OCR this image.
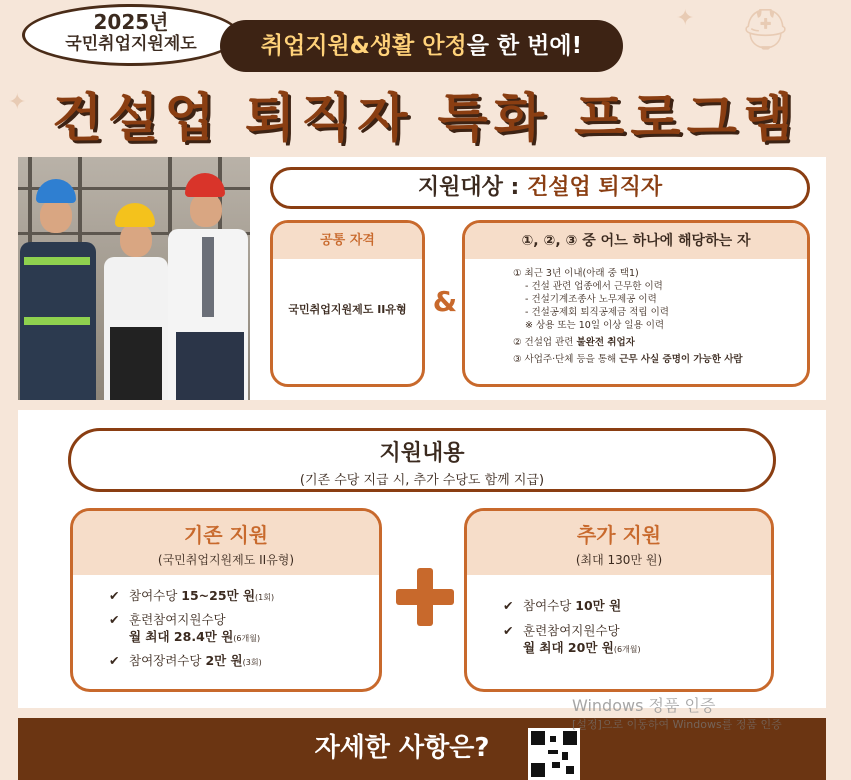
✦ ⛑
✦
2025년
국민취업지원제도	취업지원&생활 안정을 한 번에!
건설업 퇴직자 특화 프로그램
지원대상 : 건설업 퇴직자
공통 자격
국민취업지원제도 II유형 &
①, ②, ③ 중 어느 하나에 해당하는 자
① 최근 3년 이내(아래 중 택1)
- 건설 관련 업종에서 근무한 이력
- 건설기계조종사 노무제공 이력
- 건설공제회 퇴직공제금 적립 이력
※ 상용 또는 10일 이상 일용 이력
② 건설업 관련 불완전 취업자
③ 사업주·단체 등을 통해 근무 사실 증명이 가능한 사람
지원내용
(기존 수당 지급 시, 추가 수당도 함께 지급)
기존 지원
(국민취업지원제도 II유형)
✔ 참여수당 15~25만 원(1회)
✔ 훈련참여지원수당
월 최대 28.4만 원(6개월)
✔ 참여장려수당 2만 원(3회)
추가 지원
(최대 130만 원)
✔ 참여수당 10만 원
✔ 훈련참여지원수당
월 최대 20만 원(6개월)
자세한 사항은?
Windows 정품 인증
[설정]으로 이동하여 Windows를 정품 인증
